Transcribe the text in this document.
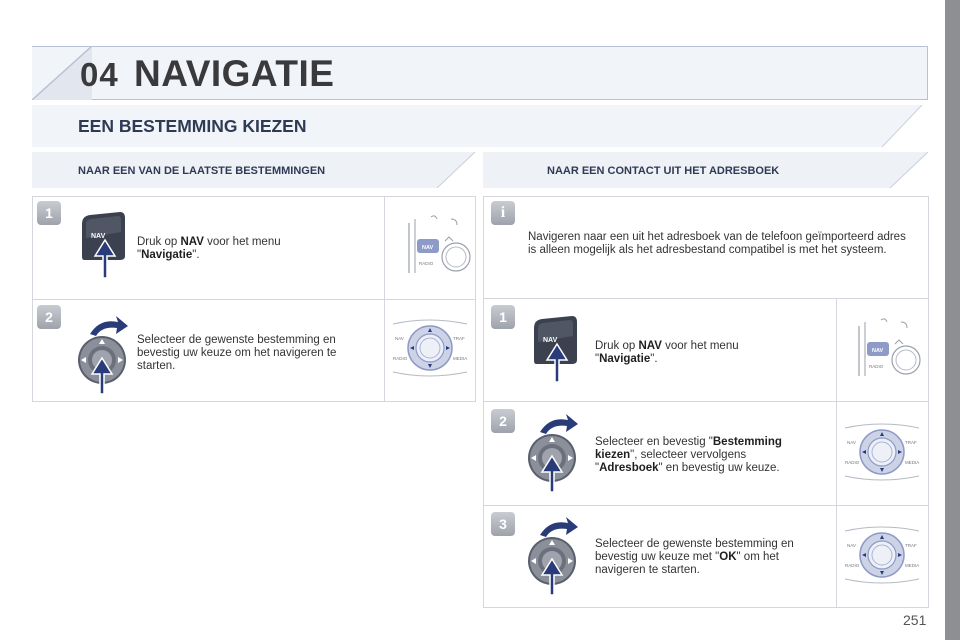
04 NAVIGATIE
EEN BESTEMMING KIEZEN
NAAR EEN VAN DE LAATSTE BESTEMMINGEN	NAAR EEN CONTACT UIT HET ADRESBOEK
1
NAV	Druk op NAV voor het menu
"Navigatie".
NAV
RADIO
2
Selecteer de gewenste bestemming en bevestig uw keuze om het navigeren te starten.
NAV	TRAF
RADIO	MEDIA
i
Navigeren naar een uit het adresboek van de telefoon geïmporteerd adres is alleen mogelijk als het adresbestand compatibel is met het systeem.
1
NAV	Druk op NAV voor het menu
"Navigatie".
NAV
RADIO
2
Selecteer en bevestig "Bestemming kiezen", selecteer vervolgens "Adresboek" en bevestig uw keuze.
NAV	TRAF
RADIO	MEDIA
3
Selecteer de gewenste bestemming en bevestig uw keuze met "OK" om het navigeren te starten.
NAV	TRAF
RADIO	MEDIA
251
